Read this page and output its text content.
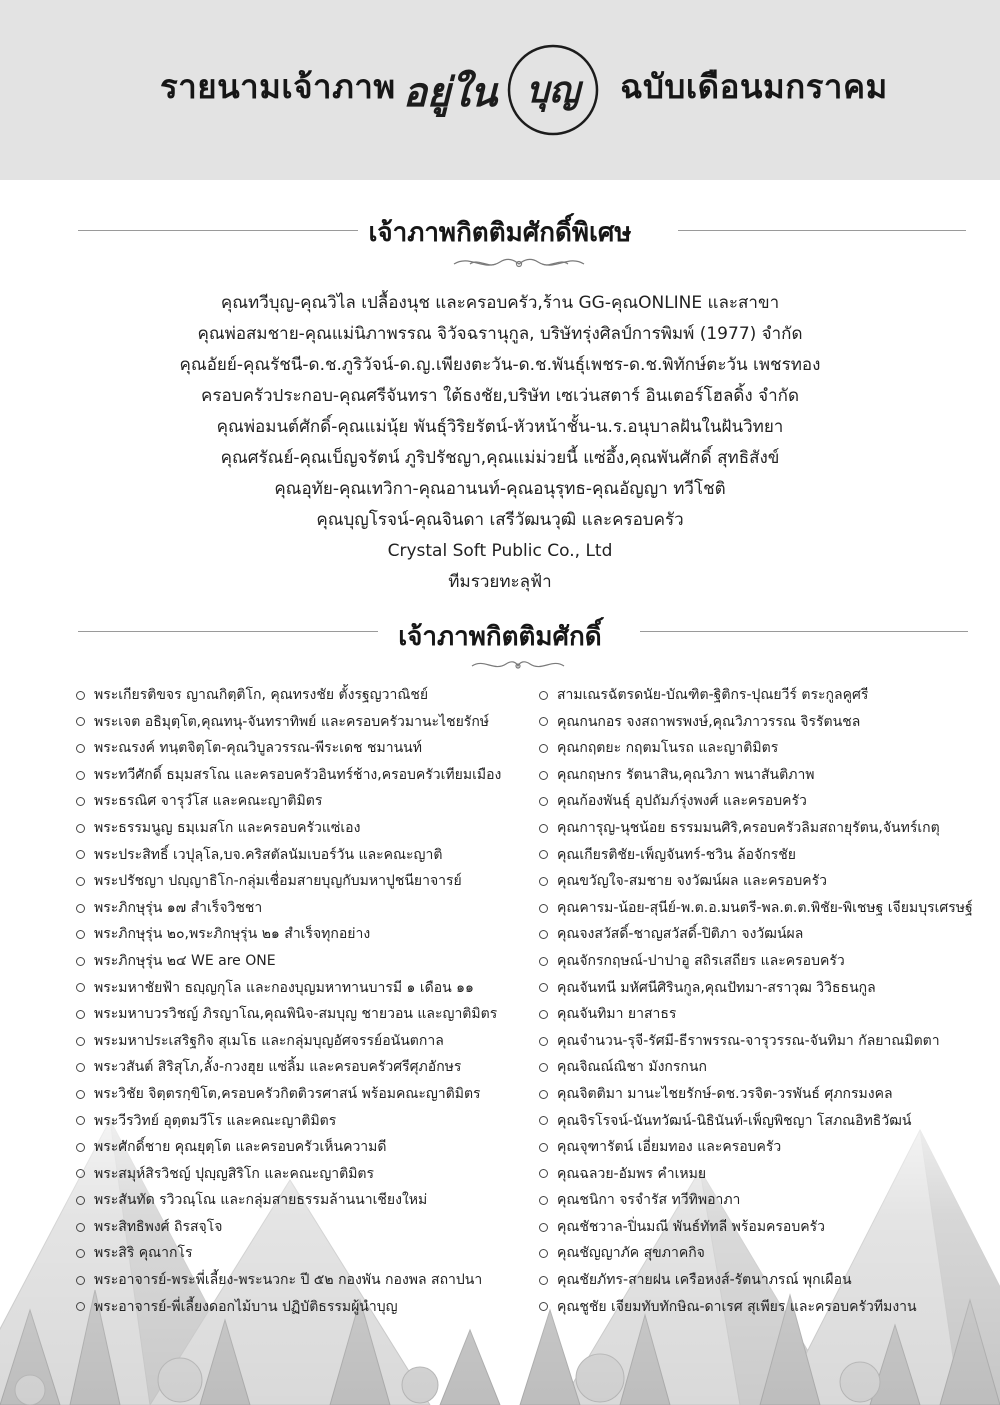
รายนามเจ้าภาพ อยู่ใน บุญ ฉบับเดือนมกราคม
เจ้าภาพกิตติมศักดิ์พิเศษ
คุณทวีบุญ-คุณวิไล เปลื้องนุช และครอบครัว,ร้าน GG-คุณONLINE และสาขา
คุณพ่อสมชาย-คุณแม่นิภาพรรณ จิวัจฉรานุกูล, บริษัทรุ่งศิลป์การพิมพ์ (1977) จำกัด
คุณอัยย์-คุณรัชนี-ด.ช.ภูริวัจน์-ด.ญ.เพียงตะวัน-ด.ช.พันธุ์เพชร-ด.ช.พิทักษ์ตะวัน เพชรทอง
ครอบครัวประกอบ-คุณศรีจันทรา ใต้ธงชัย,บริษัท เซเว่นสตาร์ อินเตอร์โฮลดิ้ง จำกัด
คุณพ่อมนต์ศักดิ์-คุณแม่นุ้ย พันธุ์วิริยรัตน์-หัวหน้าชั้น-น.ร.อนุบาลฝันในฝันวิทยา
คุณศรัณย์-คุณเบ็ญจรัตน์ ภูริปรัชญา,คุณแม่ม่วยนี้ แซ่อึ้ง,คุณพันศักดิ์ สุทธิสังข์
คุณอุทัย-คุณเทวิกา-คุณอานนท์-คุณอนุรุทธ-คุณอัญญา ทวีโชติ
คุณบุญโรจน์-คุณจินดา เสรีวัฒนวุฒิ และครอบครัว
Crystal Soft Public Co., Ltd
ทีมรวยทะลุฟ้า
เจ้าภาพกิตติมศักดิ์
พระเกียรติขจร ญาณกิตฺติโก, คุณทรงชัย ตั้งรฐญวาณิชย์
พระเจต อธิมุตฺโต,คุณทนุ-จันทราทิพย์ และครอบครัวมานะไชยรักษ์
พระณรงค์ ทนฺตจิตฺโต-คุณวิบูลวรรณ-พีระเดช ชมานนท์
พระทวีศักดิ์ ธมฺมสรโณ และครอบครัวอินทร์ช้าง,ครอบครัวเทียมเมือง
พระธรณิศ จารุวํโส และคณะญาติมิตร
พระธรรมนูญ ธมฺเมสโก และครอบครัวแซ่เอง
พระประสิทธิ์ เวปุลฺโล,บจ.คริสตัลนัมเบอร์วัน และคณะญาติ
พระปรัชญา ปญฺญาธิโก-กลุ่มเชื่อมสายบุญกับมหาปูชนียาจารย์
พระภิกษุรุ่น ๑๗ สำเร็จวิชชา
พระภิกษุรุ่น ๒๐,พระภิกษุรุ่น ๒๑ สำเร็จทุกอย่าง
พระภิกษุรุ่น ๒๔ WE are ONE
พระมหาชัยฟ้า ธญฺญกุโล และกองบุญมหาทานบารมี ๑ เดือน ๑๑
พระมหาบวรวิชญ์ ภิรญาโณ,คุณพินิจ-สมบุญ ชายวอน และญาติมิตร
พระมหาประเสริฐกิจ สุเมโธ และกลุ่มบุญอัศจรรย์อนันตกาล
พระวสันต์ สิริสุโภ,ลั้ง-กวงฮุย แซ่ลิ้ม และครอบครัวศรีศุภอักษร
พระวิชัย จิตฺตรกฺขิโต,ครอบครัวกิตติวรศาสน์ พร้อมคณะญาติมิตร
พระวีรวิทย์ อุตฺตมวีโร และคณะญาติมิตร
พระศักดิ์ชาย คุณยุตฺโต และครอบครัวเห็นความดี
พระสมุห์สิรวิชญ์ ปุญฺญสิริโก และคณะญาติมิตร
พระสันทัด รวิวณฺโณ และกลุ่มสายธรรมล้านนาเชียงใหม่
พระสิทธิพงศ์ ถิรสจฺโจ
พระสิริ คุณากโร
พระอาจารย์-พระพี่เลี้ยง-พระนวกะ ปี ๕๒ กองพัน กองพล สถาปนา
พระอาจารย์-พี่เลี้ยงดอกไม้บาน ปฏิบัติธรรมผู้นำบุญ
สามเณรฉัตรดนัย-บัณฑิต-ฐิติกร-ปุณยวีร์ ตระกูลคูศรี
คุณกนกอร จงสถาพรพงษ์,คุณวิภาวรรณ จิรรัตนชล
คุณกฤตยะ กฤตมโนรถ และญาติมิตร
คุณกฤษกร รัตนาสิน,คุณวิภา พนาสันติภาพ
คุณก้องพันธุ์ อุปถัมภ์รุ่งพงศ์ และครอบครัว
คุณการุญ-นุชน้อย ธรรมมนศิริ,ครอบครัวลิมสถายุรัตน,จันทร์เกตุ
คุณเกียรติชัย-เพ็ญจันทร์-ชวิน ล้อจักรชัย
คุณขวัญใจ-สมชาย จงวัฒน์ผล และครอบครัว
คุณคารม-น้อย-สุนีย์-พ.ต.อ.มนตรี-พล.ต.ต.พิชัย-พิเชษฐ เจียมบุรเศรษฐ์
คุณจงสวัสดิ์-ชาญสวัสดิ์-ปิติภา จงวัฒน์ผล
คุณจักรกฤษณ์-ปาปาอู สถิรเสถียร และครอบครัว
คุณจันทนี มหัศนีศิรินกูล,คุณปัทมา-สราวุฒ วิวิธธนกูล
คุณจันทิมา ยาสาธร
คุณจำนวน-รุจี-รัศมี-ธีราพรรณ-จารุวรรณ-จันทิมา กัลยาณมิตตา
คุณจิณณ์ณิชา มังกรกนก
คุณจิตติมา มานะไชยรักษ์-ดช.วรจิต-วรพันธ์ ศุภกรมงคล
คุณจิรโรจน์-นันทวัฒน์-นิธินันท์-เพ็ญพิชญา โสภณอิทธิวัฒน์
คุณจุฑารัตน์ เอี่ยมทอง และครอบครัว
คุณฉลวย-อัมพร คำเหมย
คุณชนิกา จรจำรัส ทวีทิพอาภา
คุณชัชวาล-ปิ่นมณี พันธ์ทัทลี พร้อมครอบครัว
คุณชัญญาภัค สุขภาคกิจ
คุณชัยภัทร-สายฝน เครือหงส์-รัตนาภรณ์ พุกเผือน
คุณชูชัย เจียมทับทักษิณ-ดาเรศ สุเพียร และครอบครัวทีมงาน
